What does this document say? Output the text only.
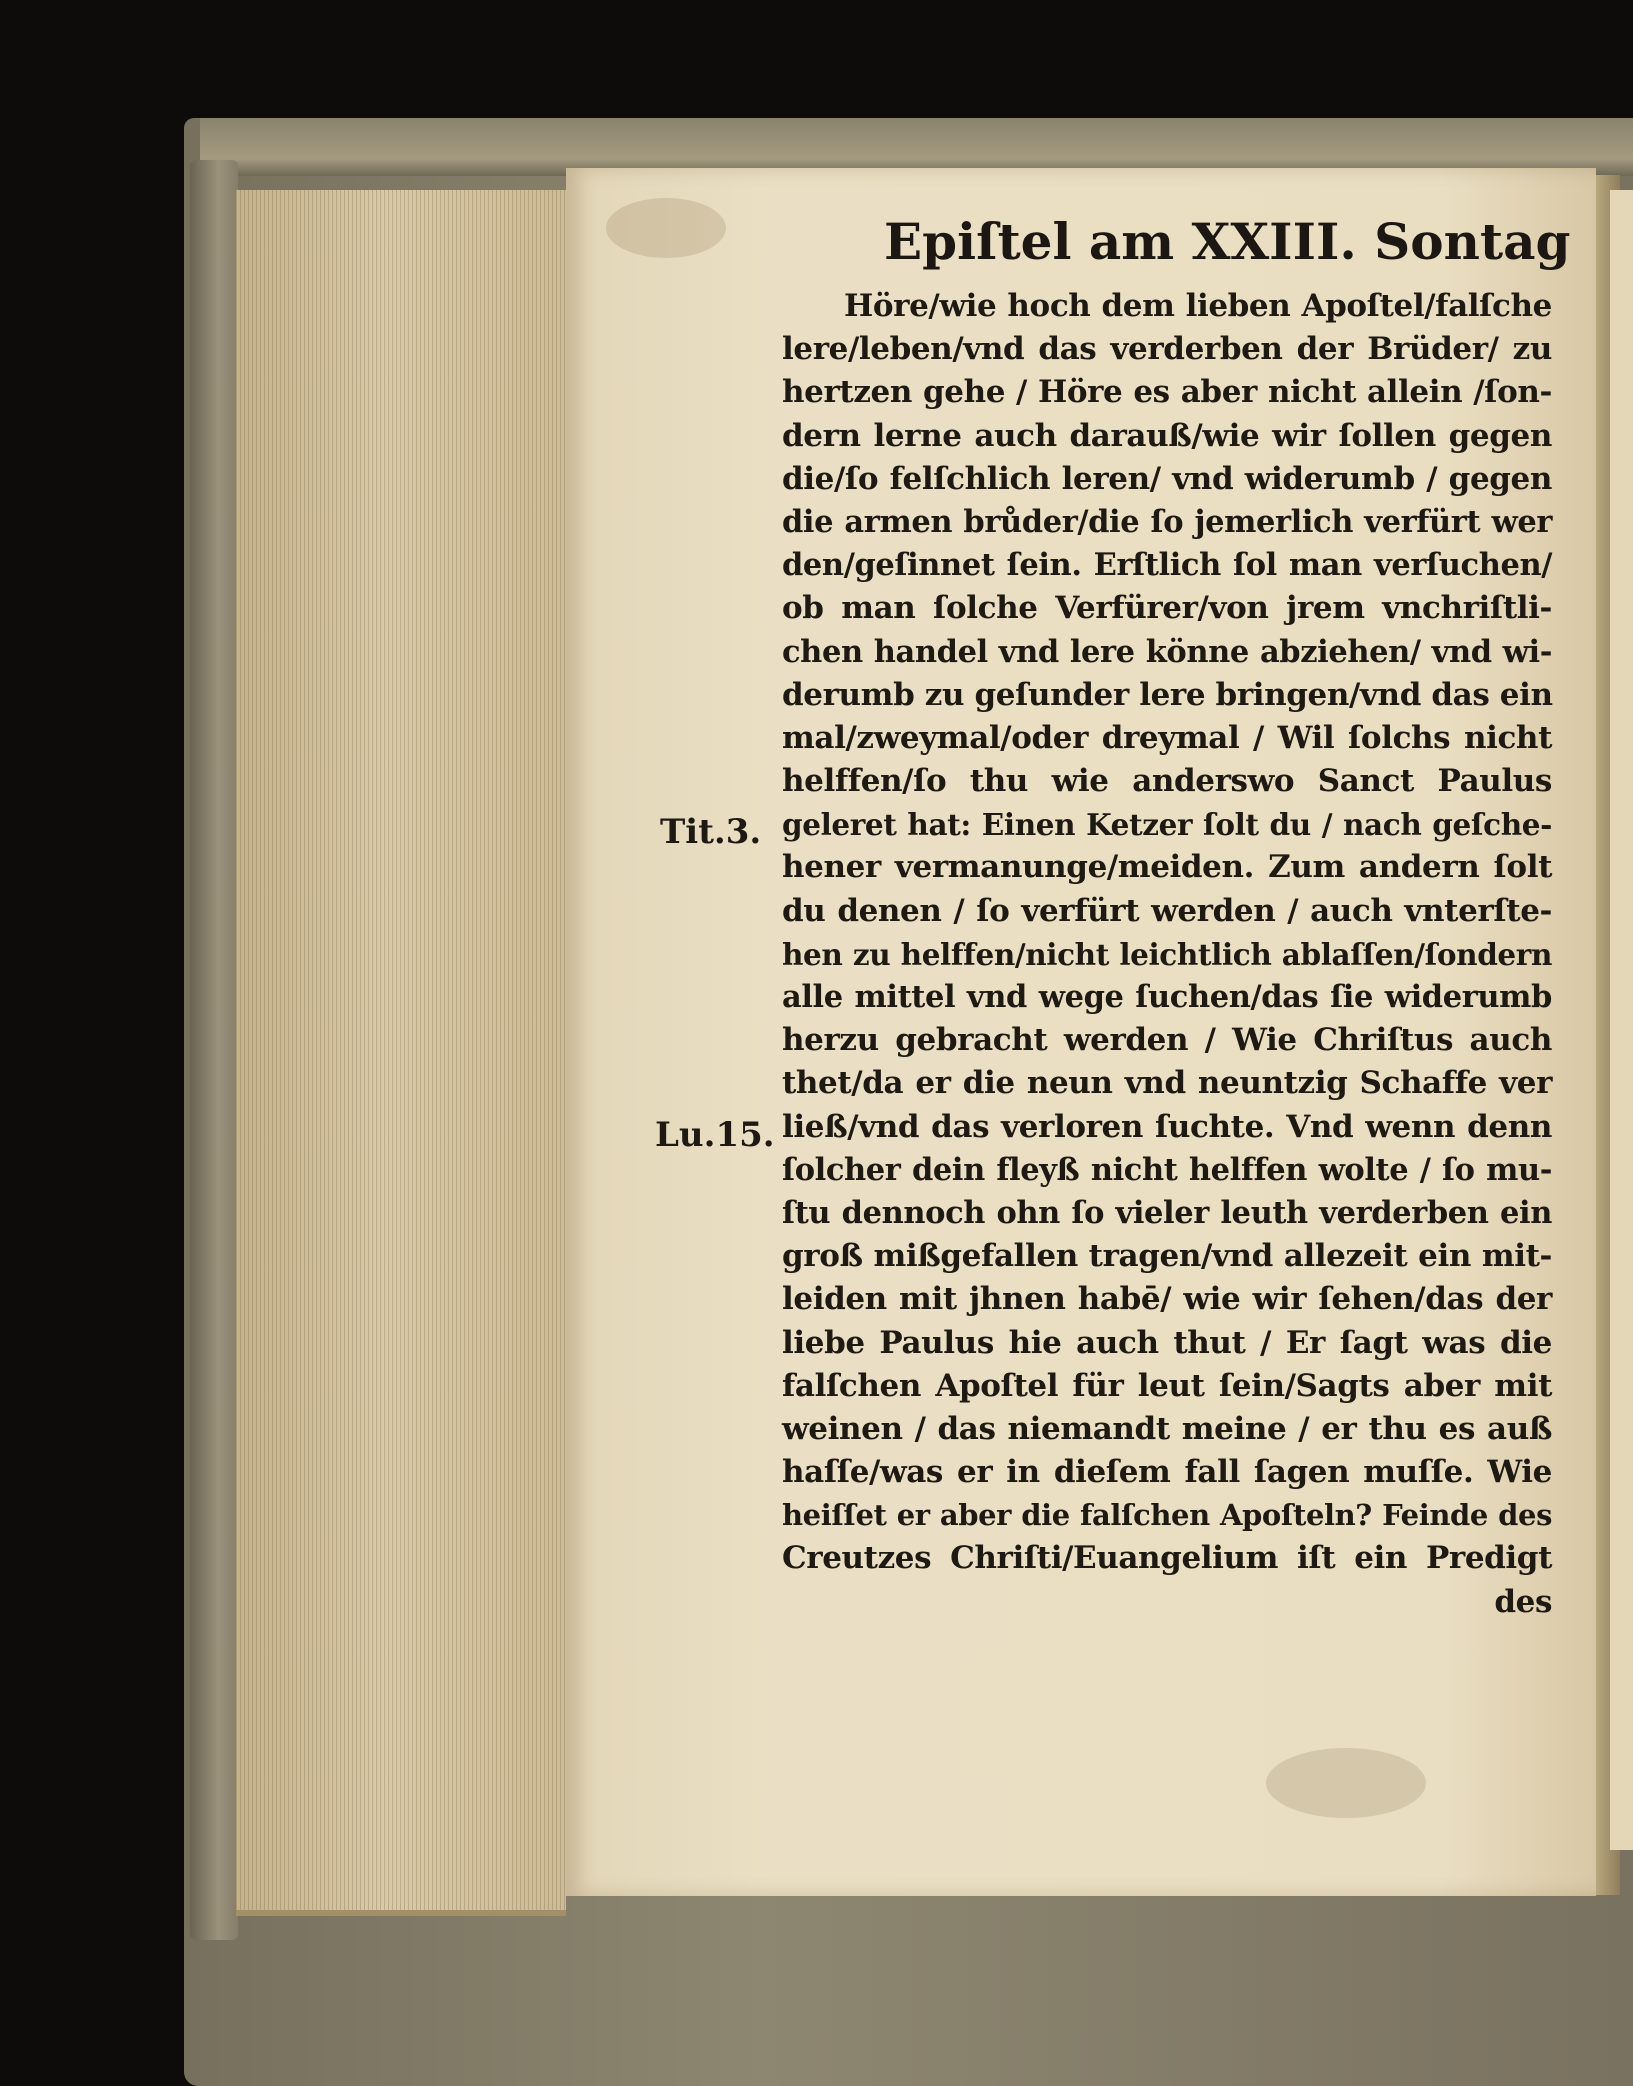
Epiſtel am XXIII. Sontag
Höre/wie hoch dem lieben Apoſtel/falſche
lere/leben/vnd das verderben der Brüder/ zu
hertzen gehe / Höre es aber nicht allein /ſon-
dern lerne auch darauß/wie wir ſollen gegen
die/ſo felſchlich leren/ vnd widerumb / gegen
die armen brůder/die ſo jemerlich verfürt wer
den/geſinnet ſein. Erſtlich ſol man verſuchen/
ob man ſolche Verfürer/von jrem vnchriſtli-
chen handel vnd lere könne abziehen/ vnd wi-
derumb zu geſunder lere bringen/vnd das ein
mal/zweymal/oder dreymal / Wil ſolchs nicht
helffen/ſo thu wie anderswo Sanct Paulus
geleret hat: Einen Ketzer ſolt du / nach geſche-
hener vermanunge/meiden. Zum andern ſolt
du denen / ſo verfürt werden / auch vnterſte-
hen zu helffen/nicht leichtlich ablaſſen/ſondern
alle mittel vnd wege ſuchen/das ſie widerumb
herzu gebracht werden / Wie Chriſtus auch
thet/da er die neun vnd neuntzig Schaffe ver
ließ/vnd das verloren ſuchte. Vnd wenn denn
ſolcher dein fleyß nicht helffen wolte / ſo mu-
ſtu dennoch ohn ſo vieler leuth verderben ein
groß mißgefallen tragen/vnd allezeit ein mit-
leiden mit jhnen habē/ wie wir ſehen/das der
liebe Paulus hie auch thut / Er ſagt was die
falſchen Apoſtel für leut ſein/Sagts aber mit
weinen / das niemandt meine / er thu es auß
haſſe/was er in dieſem fall ſagen muſſe. Wie
heiſſet er aber die falſchen Apoſteln? Feinde des
Creutzes Chriſti/Euangelium iſt ein Predigt
des
Tit.3.
Lu.15.
